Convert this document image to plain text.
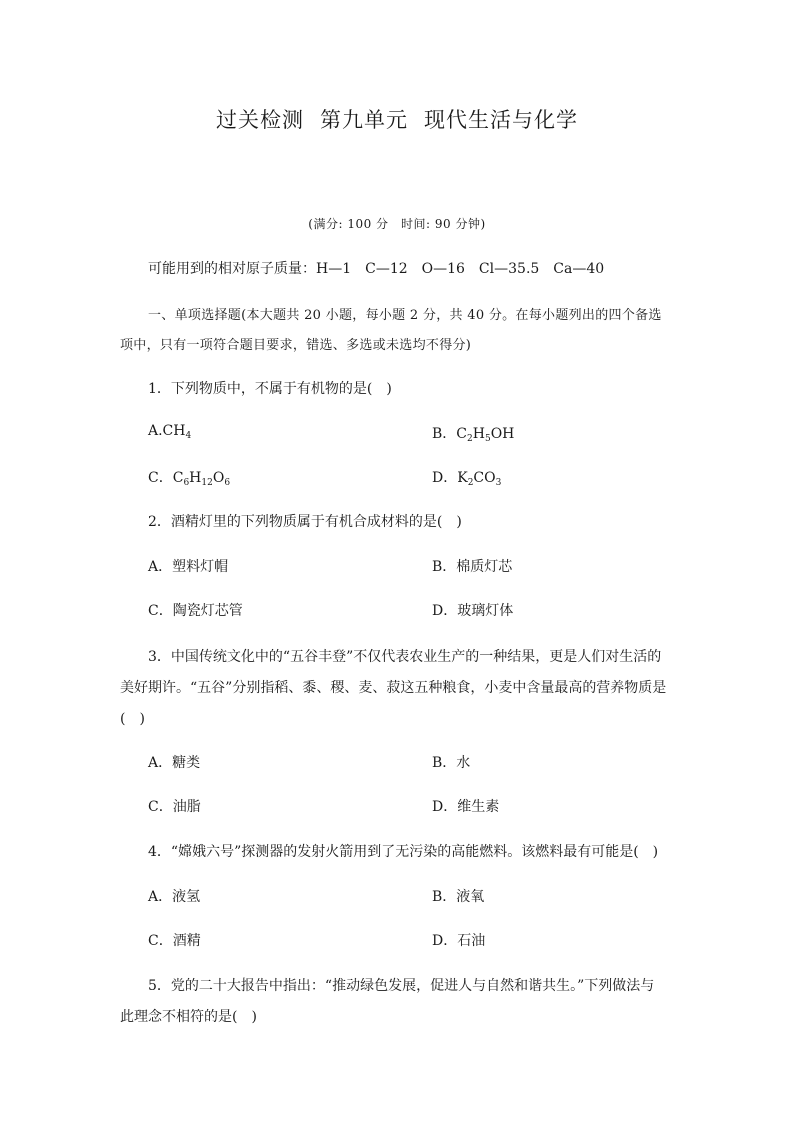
过关检测 第九单元 现代生活与化学
(满分: 100 分　时间: 90 分钟)
可能用到的相对原子质量：H—1　C—12　O—16　Cl—35.5　Ca—40
一、单项选择题(本大题共 20 小题，每小题 2 分，共 40 分。在每小题列出的四个备选
项中，只有一项符合题目要求，错选、多选或未选均不得分)
1．下列物质中，不属于有机物的是(　)
$A.CH_4$	B．$C_2H_5OH$
C．$C_6H_{12}O_6$	D．$K_2CO_3$
2．酒精灯里的下列物质属于有机合成材料的是(　)
A．塑料灯帽	B．棉质灯芯
C．陶瓷灯芯管	D．玻璃灯体
3．中国传统文化中的“五谷丰登”不仅代表农业生产的一种结果，更是人们对生活的
美好期许。“五谷”分别指稻、黍、稷、麦、菽这五种粮食，小麦中含量最高的营养物质是
(　)
A．糖类	B．水
C．油脂	D．维生素
4．“嫦娥六号”探测器的发射火箭用到了无污染的高能燃料。该燃料最有可能是(　)
A．液氢	B．液氧
C．酒精	D．石油
5．党的二十大报告中指出：“推动绿色发展，促进人与自然和谐共生。”下列做法与
此理念不相符的是(　)
